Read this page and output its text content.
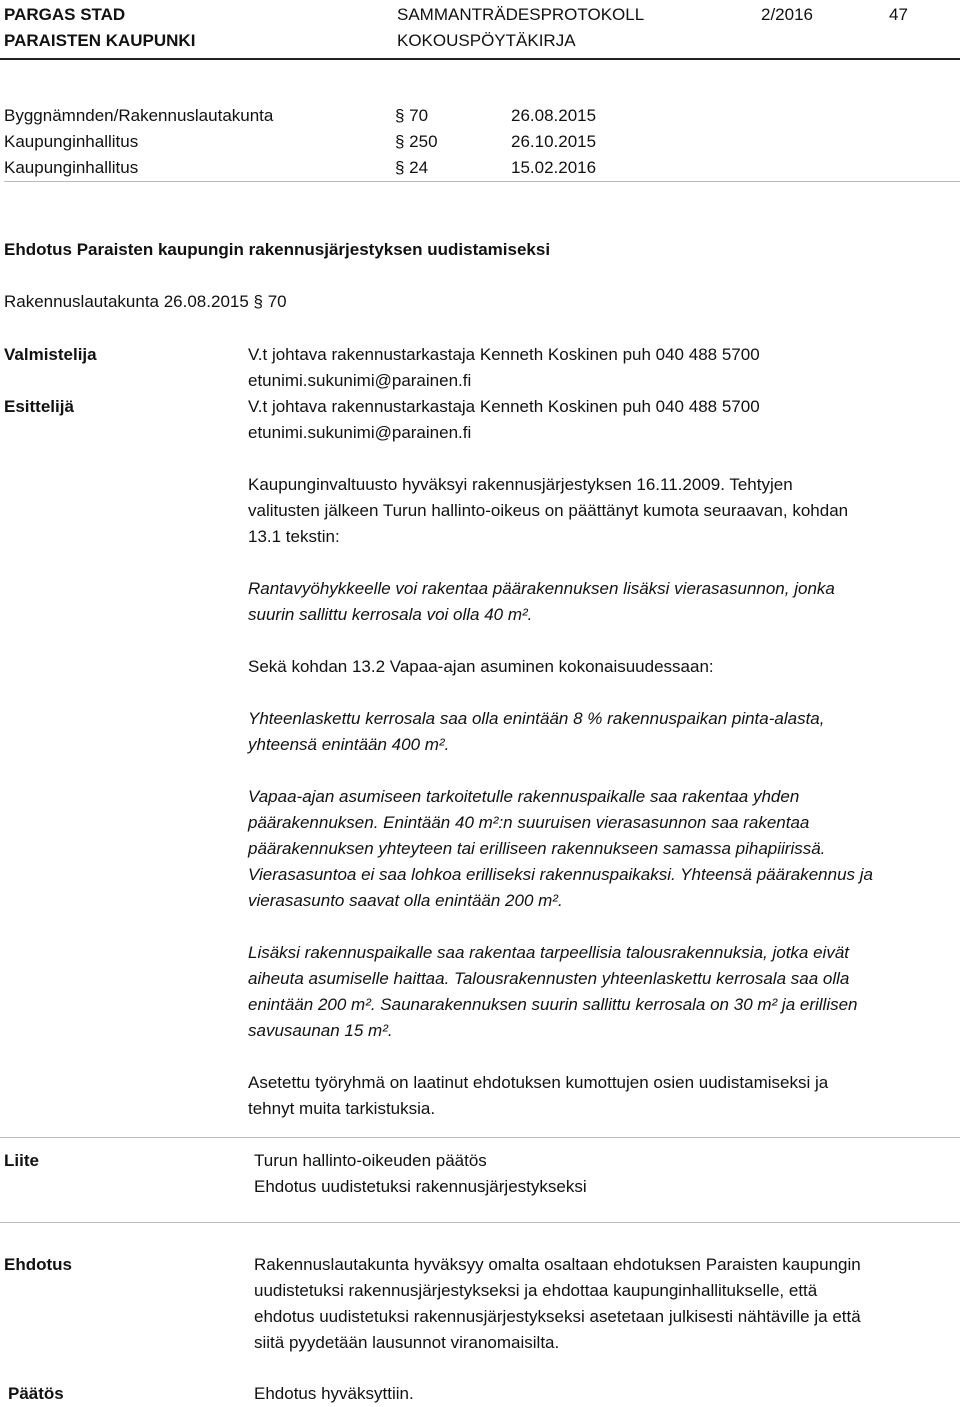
PARGAS STAD
PARAISTEN KAUPUNKI
SAMMANTRÄDESPROTOKOLL
KOKOUSPÖYTÄKIRJA
2/2016	47
Byggnämnden/Rakennuslautakunta	§ 70	26.08.2015
Kaupunginhallitus	§ 250	26.10.2015
Kaupunginhallitus	§ 24	15.02.2016
Ehdotus Paraisten kaupungin rakennusjärjestyksen uudistamiseksi
Rakennuslautakunta 26.08.2015 § 70
Valmistelija	V.t johtava rakennustarkastaja Kenneth Koskinen puh 040 488 5700
etunimi.sukunimi@parainen.fi
Esittelijä	V.t johtava rakennustarkastaja Kenneth Koskinen puh 040 488 5700
etunimi.sukunimi@parainen.fi
Kaupunginvaltuusto hyväksyi rakennusjärjestyksen 16.11.2009. Tehtyjen
valitusten jälkeen Turun hallinto-oikeus on päättänyt kumota seuraavan, kohdan
13.1 tekstin:
Rantavyöhykkeelle voi rakentaa päärakennuksen lisäksi vierasasunnon, jonka
suurin sallittu kerrosala voi olla 40 m².
Sekä kohdan 13.2 Vapaa-ajan asuminen kokonaisuudessaan:
Yhteenlaskettu kerrosala saa olla enintään 8 % rakennuspaikan pinta-alasta,
yhteensä enintään 400 m².
Vapaa-ajan asumiseen tarkoitetulle rakennuspaikalle saa rakentaa yhden
päärakennuksen. Enintään 40 m²:n suuruisen vierasasunnon saa rakentaa
päärakennuksen yhteyteen tai erilliseen rakennukseen samassa pihapiirissä.
Vierasasuntoa ei saa lohkoa erilliseksi rakennuspaikaksi. Yhteensä päärakennus ja
vierasasunto saavat olla enintään 200 m².
Lisäksi rakennuspaikalle saa rakentaa tarpeellisia talousrakennuksia, jotka eivät
aiheuta asumiselle haittaa. Talousrakennusten yhteenlaskettu kerrosala saa olla
enintään 200 m². Saunarakennuksen suurin sallittu kerrosala on 30 m² ja erillisen
savusaunan 15 m².
Asetettu työryhmä on laatinut ehdotuksen kumottujen osien uudistamiseksi ja
tehnyt muita tarkistuksia.
Liite	Turun hallinto-oikeuden päätös
Ehdotus uudistetuksi rakennusjärjestykseksi
Ehdotus	Rakennuslautakunta hyväksyy omalta osaltaan ehdotuksen Paraisten kaupungin
uudistetuksi rakennusjärjestykseksi ja ehdottaa kaupunginhallitukselle, että
ehdotus uudistetuksi rakennusjärjestykseksi asetetaan julkisesti nähtäville ja että
siitä pyydetään lausunnot viranomaisilta.
Päätös	Ehdotus hyväksyttiin.
